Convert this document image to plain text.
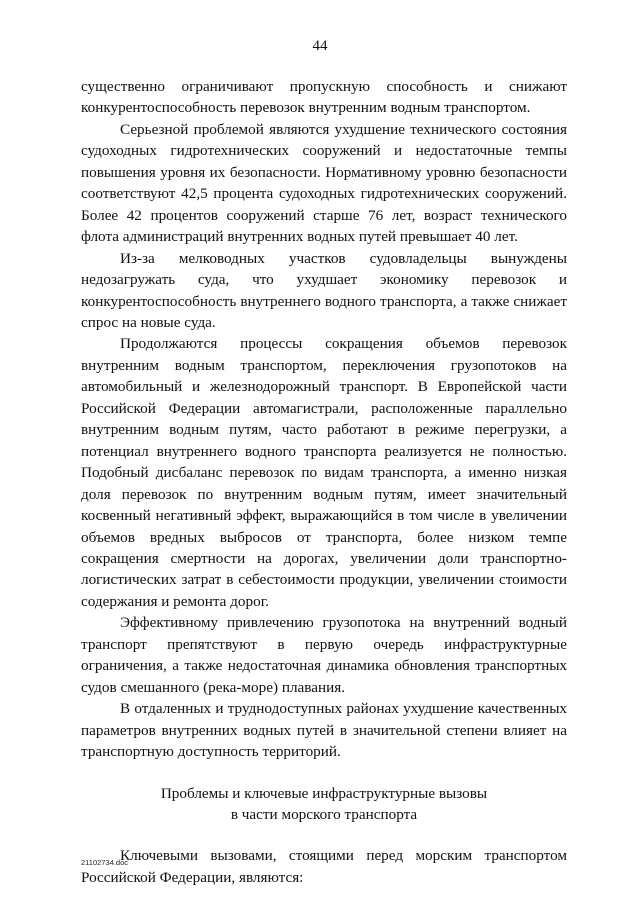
44

существенно ограничивают пропускную способность и снижают конкурентоспособность перевозок внутренним водным транспортом.

Серьезной проблемой являются ухудшение технического состояния судоходных гидротехнических сооружений и недостаточные темпы повышения уровня их безопасности. Нормативному уровню безопасности соответствуют 42,5 процента судоходных гидротехнических сооружений. Более 42 процентов сооружений старше 76 лет, возраст технического флота администраций внутренних водных путей превышает 40 лет.

Из-за мелководных участков судовладельцы вынуждены недозагружать суда, что ухудшает экономику перевозок и конкурентоспособность внутреннего водного транспорта, а также снижает спрос на новые суда.

Продолжаются процессы сокращения объемов перевозок внутренним водным транспортом, переключения грузопотоков на автомобильный и железнодорожный транспорт. В Европейской части Российской Федерации автомагистрали, расположенные параллельно внутренним водным путям, часто работают в режиме перегрузки, а потенциал внутреннего водного транспорта реализуется не полностью. Подобный дисбаланс перевозок по видам транспорта, а именно низкая доля перевозок по внутренним водным путям, имеет значительный косвенный негативный эффект, выражающийся в том числе в увеличении объемов вредных выбросов от транспорта, более низком темпе сокращения смертности на дорогах, увеличении доли транспортно-логистических затрат в себестоимости продукции, увеличении стоимости содержания и ремонта дорог.

Эффективному привлечению грузопотока на внутренний водный транспорт препятствуют в первую очередь инфраструктурные ограничения, а также недостаточная динамика обновления транспортных судов смешанного (река-море) плавания.

В отдаленных и труднодоступных районах ухудшение качественных параметров внутренних водных путей в значительной степени влияет на транспортную доступность территорий.

Проблемы и ключевые инфраструктурные вызовы
в части морского транспорта

Ключевыми вызовами, стоящими перед морским транспортом Российской Федерации, являются:

21102734.doc
